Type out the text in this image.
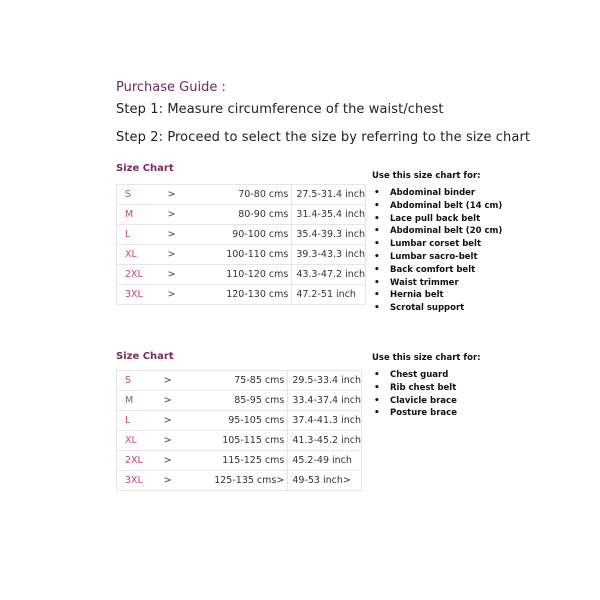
Purchase Guide :
Step 1: Measure circumference of the waist/chest
Step 2: Proceed to select the size by referring to the size chart
Size Chart
S	>	70-80 cms	27.5-31.4 inch
M	>	80-90 cms	31.4-35.4 inch
L	>	90-100 cms	35.4-39.3 inch
XL	>	100-110 cms	39.3-43.3 inch
2XL	>	110-120 cms	43.3-47.2 inch
3XL	>	120-130 cms	47.2-51 inch
Use this size chart for:
• Abdominal binder
• Abdominal belt (14 cm)
• Lace pull back belt
• Abdominal belt (20 cm)
• Lumbar corset belt
• Lumbar sacro-belt
• Back comfort belt
• Waist trimmer
• Hernia belt
• Scrotal support
Size Chart
S	>	75-85 cms	29.5-33.4 inch
M	>	85-95 cms	33.4-37.4 inch
L	>	95-105 cms	37.4-41.3 inch
XL	>	105-115 cms	41.3-45.2 inch
2XL	>	115-125 cms	45.2-49 inch
3XL	>	125-135 cms>	49-53 inch>
Use this size chart for:
• Chest guard
• Rib chest belt
• Clavicle brace
• Posture brace
